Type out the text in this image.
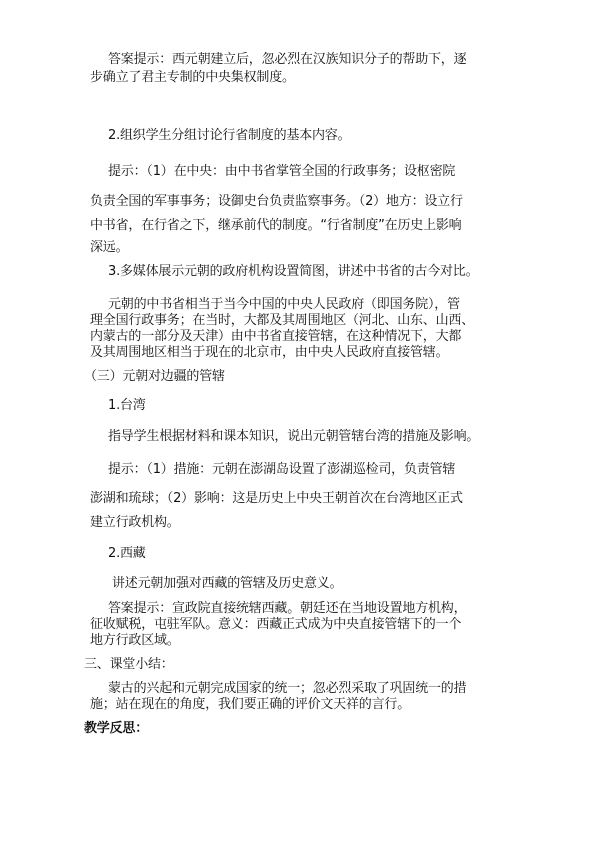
答案提示：西元朝建立后，忽必烈在汉族知识分子的帮助下，逐

步确立了君主专制的中央集权制度。

2.组织学生分组讨论行省制度的基本内容。

提示：（1）在中央：由中书省掌管全国的行政事务；设枢密院

负责全国的军事事务；设御史台负责监察事务。（2）地方：设立行

中书省，在行省之下，继承前代的制度。“行省制度”在历史上影响

深远。

3.多媒体展示元朝的政府机构设置简图，讲述中书省的古今对比。

元朝的中书省相当于当今中国的中央人民政府（即国务院），管

理全国行政事务；在当时，大都及其周围地区（河北、山东、山西、

内蒙古的一部分及天津）由中书省直接管辖，在这种情况下，大都

及其周围地区相当于现在的北京市，由中央人民政府直接管辖。

（三）元朝对边疆的管辖

1.台湾

指导学生根据材料和课本知识，说出元朝管辖台湾的措施及影响。

提示：（1）措施：元朝在澎湖岛设置了澎湖巡检司，负责管辖

澎湖和琉球；（2）影响：这是历史上中央王朝首次在台湾地区正式

建立行政机构。

2.西藏

讲述元朝加强对西藏的管辖及历史意义。

答案提示：宣政院直接统辖西藏。朝廷还在当地设置地方机构，

征收赋税，屯驻军队。意义：西藏正式成为中央直接管辖下的一个

地方行政区域。

三、课堂小结：

蒙古的兴起和元朝完成国家的统一；忽必烈采取了巩固统一的措

施；站在现在的角度，我们要正确的评价文天祥的言行。

教学反思：
